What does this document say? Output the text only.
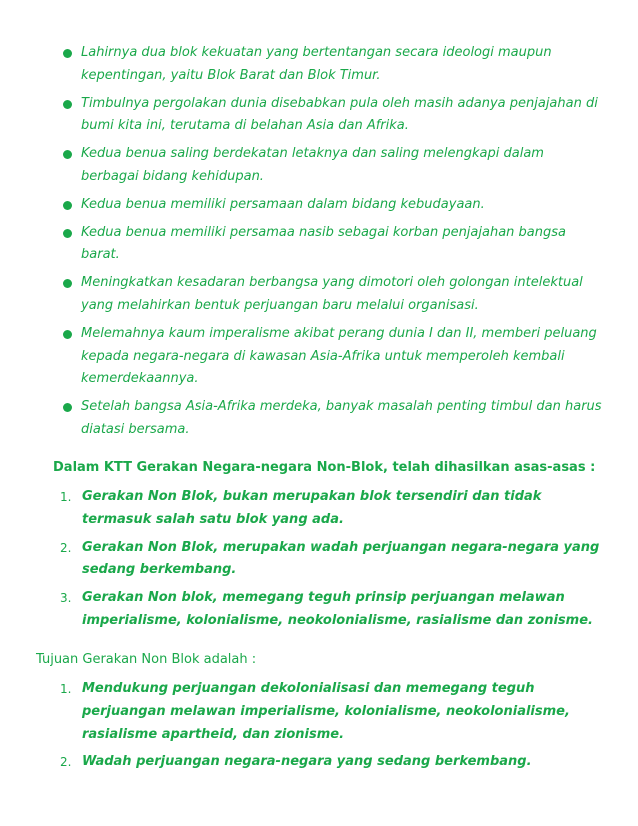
Lahirnya dua blok kekuatan yang bertentangan secara ideologi maupun kepentingan, yaitu Blok Barat dan Blok Timur.
Timbulnya pergolakan dunia disebabkan pula oleh masih adanya penjajahan di bumi kita ini, terutama di belahan Asia dan Afrika.
Kedua benua saling berdekatan letaknya dan saling melengkapi dalam berbagai bidang kehidupan.
Kedua benua memiliki persamaan dalam bidang kebudayaan.
Kedua benua memiliki persamaa nasib sebagai korban penjajahan bangsa barat.
Meningkatkan kesadaran berbangsa yang dimotori oleh golongan intelektual yang melahirkan bentuk perjuangan baru melalui organisasi.
Melemahnya kaum imperalisme akibat perang dunia I dan II, memberi peluang kepada negara-negara di kawasan Asia-Afrika untuk memperoleh kembali kemerdekaannya.
Setelah bangsa Asia-Afrika merdeka, banyak masalah penting timbul dan harus diatasi bersama.
Dalam KTT Gerakan Negara-negara Non-Blok, telah dihasilkan asas-asas :
1. Gerakan Non Blok, bukan merupakan blok tersendiri dan tidak termasuk salah satu blok yang ada.
2. Gerakan Non Blok, merupakan wadah perjuangan negara-negara yang sedang berkembang.
3. Gerakan Non blok, memegang teguh prinsip perjuangan melawan imperialisme, kolonialisme, neokolonialisme, rasialisme dan zonisme.
Tujuan Gerakan Non Blok adalah :
1. Mendukung perjuangan dekolonialisasi dan memegang teguh perjuangan melawan imperialisme, kolonialisme, neokolonialisme, rasialisme apartheid, dan zionisme.
2. Wadah perjuangan negara-negara yang sedang berkembang.
